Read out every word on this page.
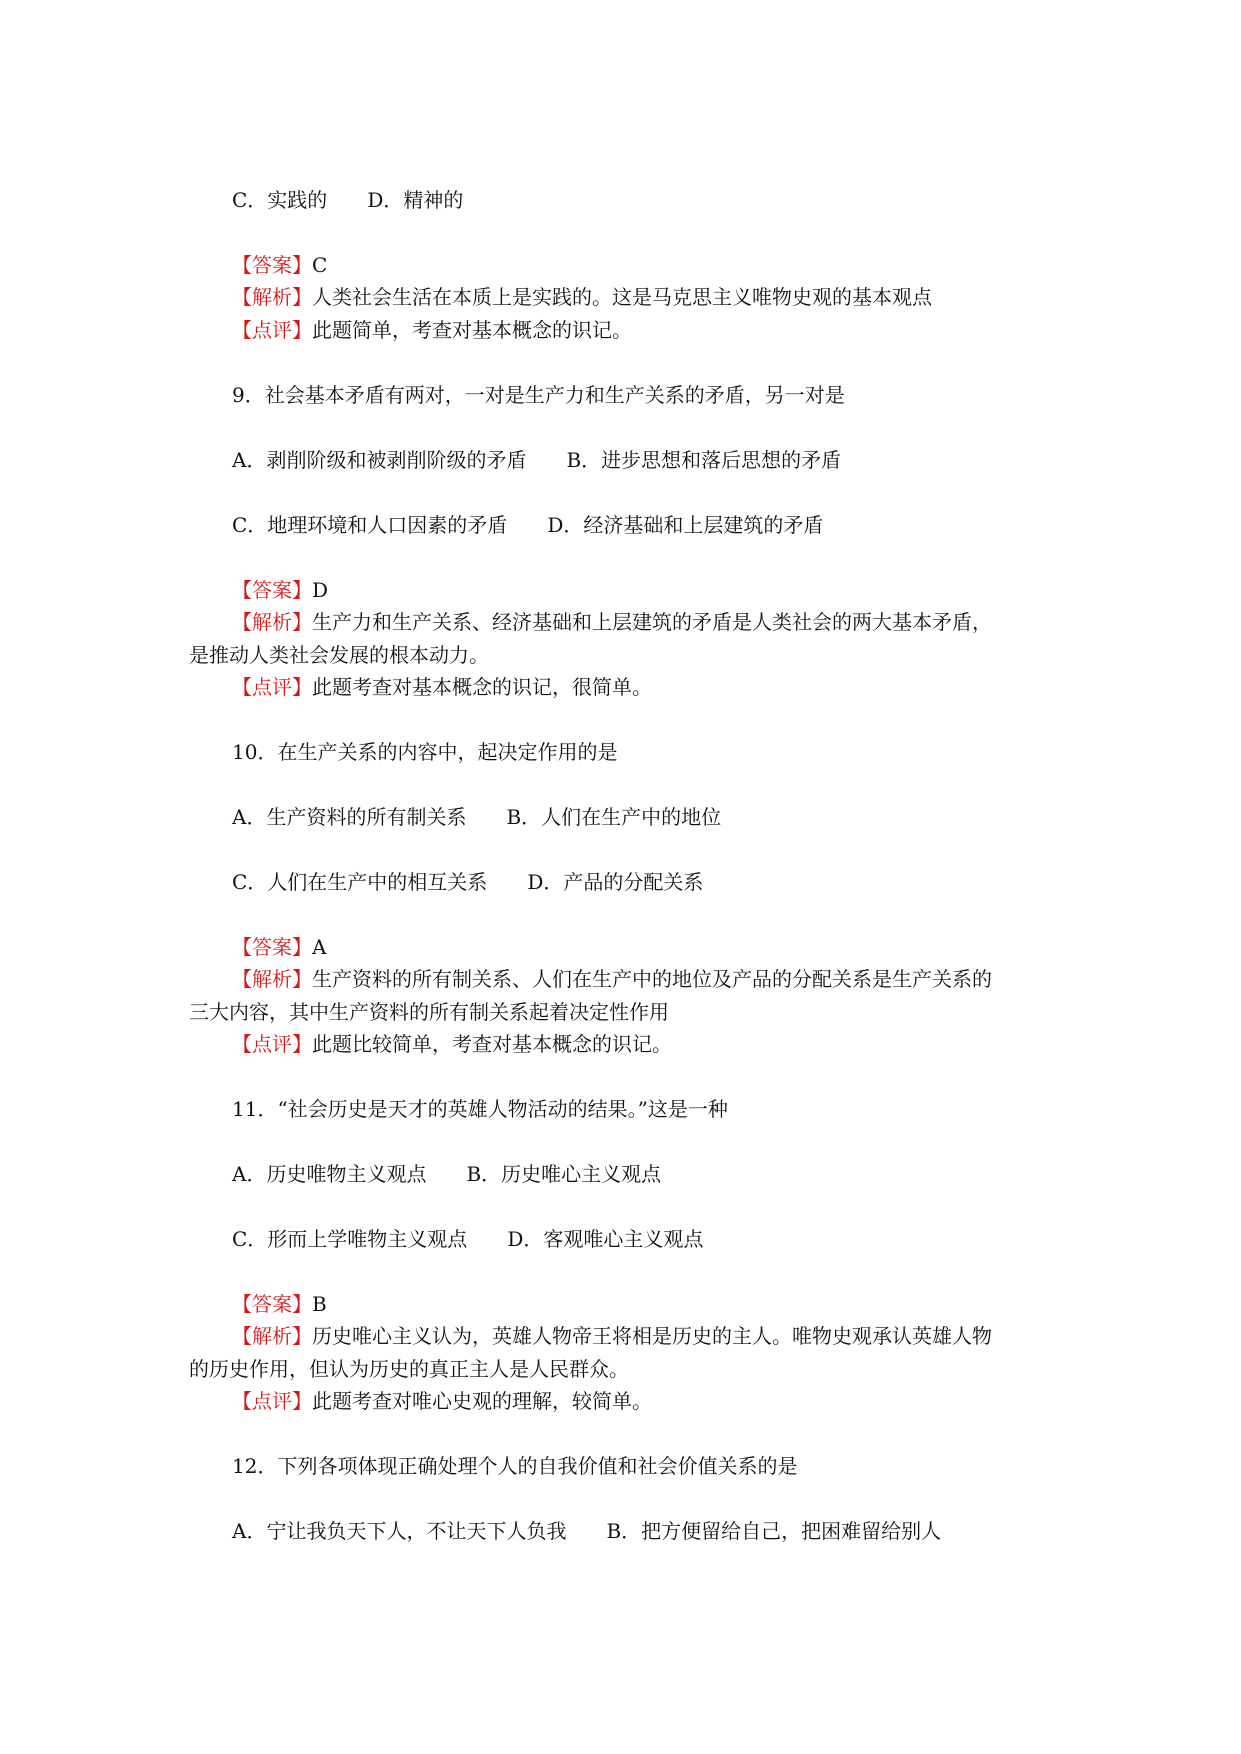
C．实践的 D．精神的
【答案】C
【解析】人类社会生活在本质上是实践的。这是马克思主义唯物史观的基本观点
【点评】此题简单，考查对基本概念的识记。
9．社会基本矛盾有两对，一对是生产力和生产关系的矛盾，另一对是
A．剥削阶级和被剥削阶级的矛盾 B．进步思想和落后思想的矛盾
C．地理环境和人口因素的矛盾 D．经济基础和上层建筑的矛盾
【答案】D
【解析】生产力和生产关系、经济基础和上层建筑的矛盾是人类社会的两大基本矛盾，
是推动人类社会发展的根本动力。
【点评】此题考查对基本概念的识记，很简单。
10．在生产关系的内容中，起决定作用的是
A．生产资料的所有制关系 B．人们在生产中的地位
C．人们在生产中的相互关系 D．产品的分配关系
【答案】A
【解析】生产资料的所有制关系、人们在生产中的地位及产品的分配关系是生产关系的
三大内容，其中生产资料的所有制关系起着决定性作用
【点评】此题比较简单，考查对基本概念的识记。
11．“社会历史是天才的英雄人物活动的结果。”这是一种
A．历史唯物主义观点 B．历史唯心主义观点
C．形而上学唯物主义观点 D．客观唯心主义观点
【答案】B
【解析】历史唯心主义认为，英雄人物帝王将相是历史的主人。唯物史观承认英雄人物
的历史作用，但认为历史的真正主人是人民群众。
【点评】此题考查对唯心史观的理解，较简单。
12．下列各项体现正确处理个人的自我价值和社会价值关系的是
A．宁让我负天下人，不让天下人负我 B．把方便留给自己，把困难留给别人
